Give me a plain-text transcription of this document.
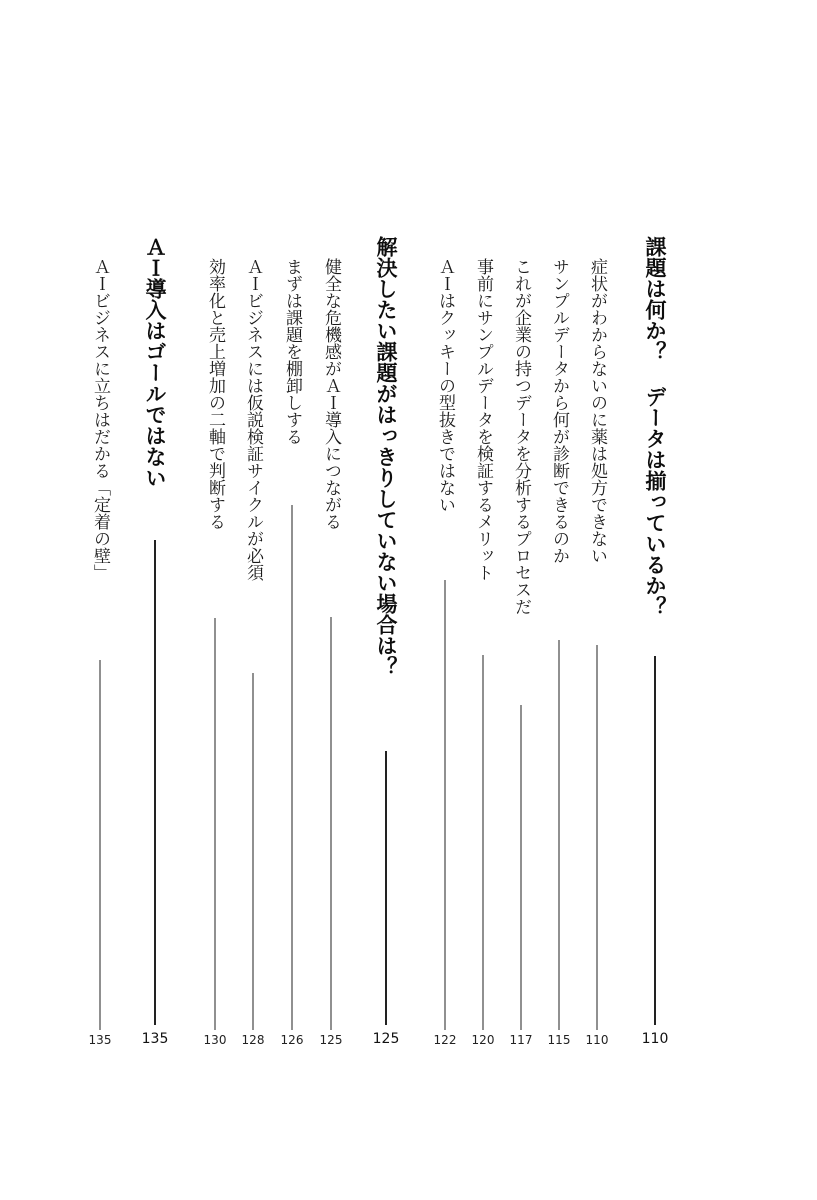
課題は何か？ データは揃っているか？
110
症状がわからないのに薬は処方できない
110
サンプルデータから何が診断できるのか
115
これが企業の持つデータを分析するプロセスだ
117
事前にサンプルデータを検証するメリット
120
ＡＩはクッキーの型抜きではない
122
解決したい課題がはっきりしていない場合は？
125
健全な危機感がＡＩ導入につながる
125
まずは課題を棚卸しする
126
ＡＩビジネスには仮説検証サイクルが必須
128
効率化と売上増加の二軸で判断する
130
ＡＩ導入はゴールではない
135
ＡＩビジネスに立ちはだかる「定着の壁」
135
